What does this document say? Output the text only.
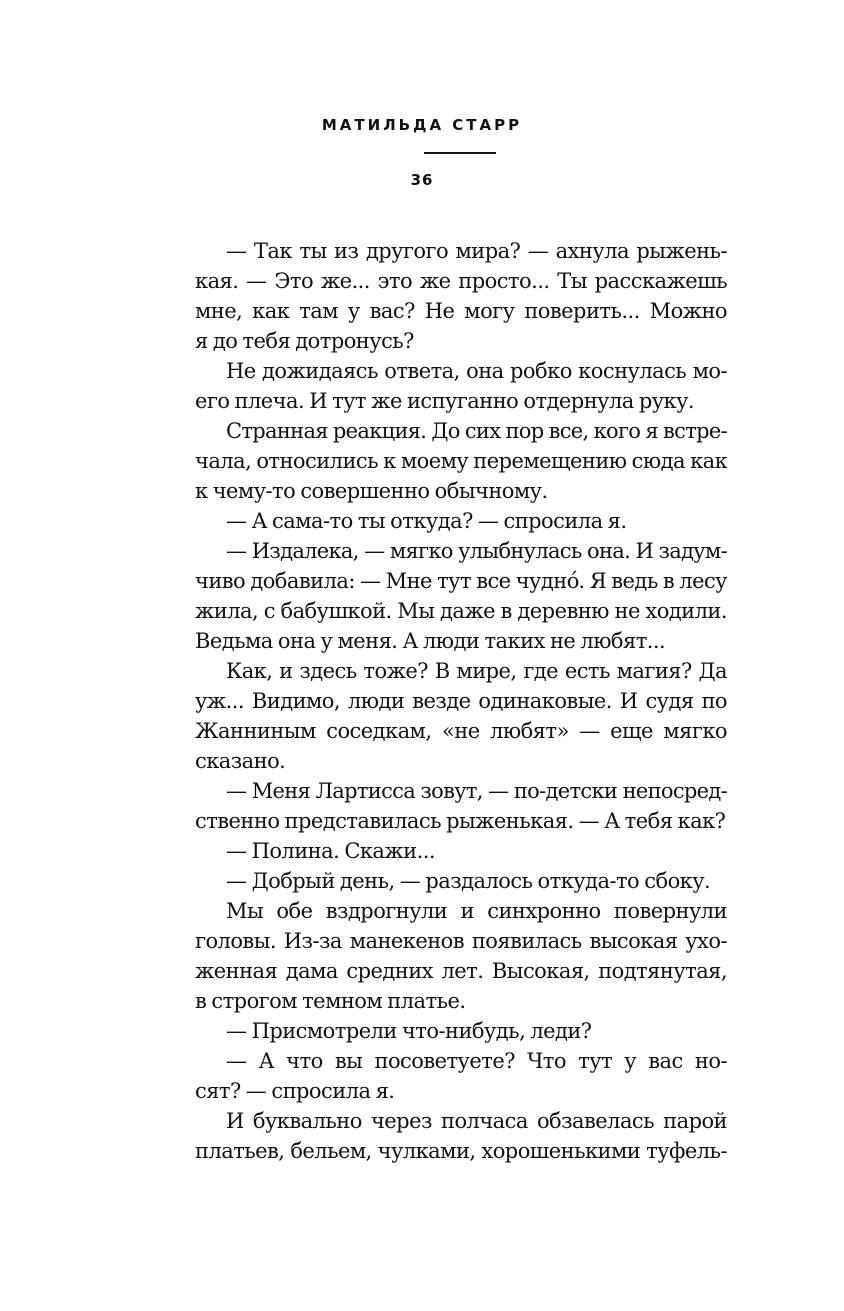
МАТИЛЬДА СТАРР
36
— Так ты из другого мира? — ахнула рыжень-
кая. — Это же... это же просто... Ты расскажешь
мне, как там у вас? Не могу поверить... Можно
я до тебя дотронусь?
Не дожидаясь ответа, она робко коснулась мо-
его плеча. И тут же испуганно отдернула руку.
Странная реакция. До сих пор все, кого я встре-
чала, относились к моему перемещению сюда как
к чему-то совершенно обычному.
— А сама-то ты откуда? — спросила я.
— Издалека, — мягко улыбнулась она. И задум-
чиво добавила: — Мне тут все чуднó. Я ведь в лесу
жила, с бабушкой. Мы даже в деревню не ходили.
Ведьма она у меня. А люди таких не любят...
Как, и здесь тоже? В мире, где есть магия? Да
уж... Видимо, люди везде одинаковые. И судя по
Жанниным соседкам, «не любят» — еще мягко
сказано.
— Меня Лартисса зовут, — по-детски непосред-
ственно представилась рыженькая. — А тебя как?
— Полина. Скажи...
— Добрый день, — раздалось откуда-то сбоку.
Мы обе вздрогнули и синхронно повернули
головы. Из-за манекенов появилась высокая ухо-
женная дама средних лет. Высокая, подтянутая,
в строгом темном платье.
— Присмотрели что-нибудь, леди?
— А что вы посоветуете? Что тут у вас но-
сят? — спросила я.
И буквально через полчаса обзавелась парой
платьев, бельем, чулками, хорошенькими туфель-
